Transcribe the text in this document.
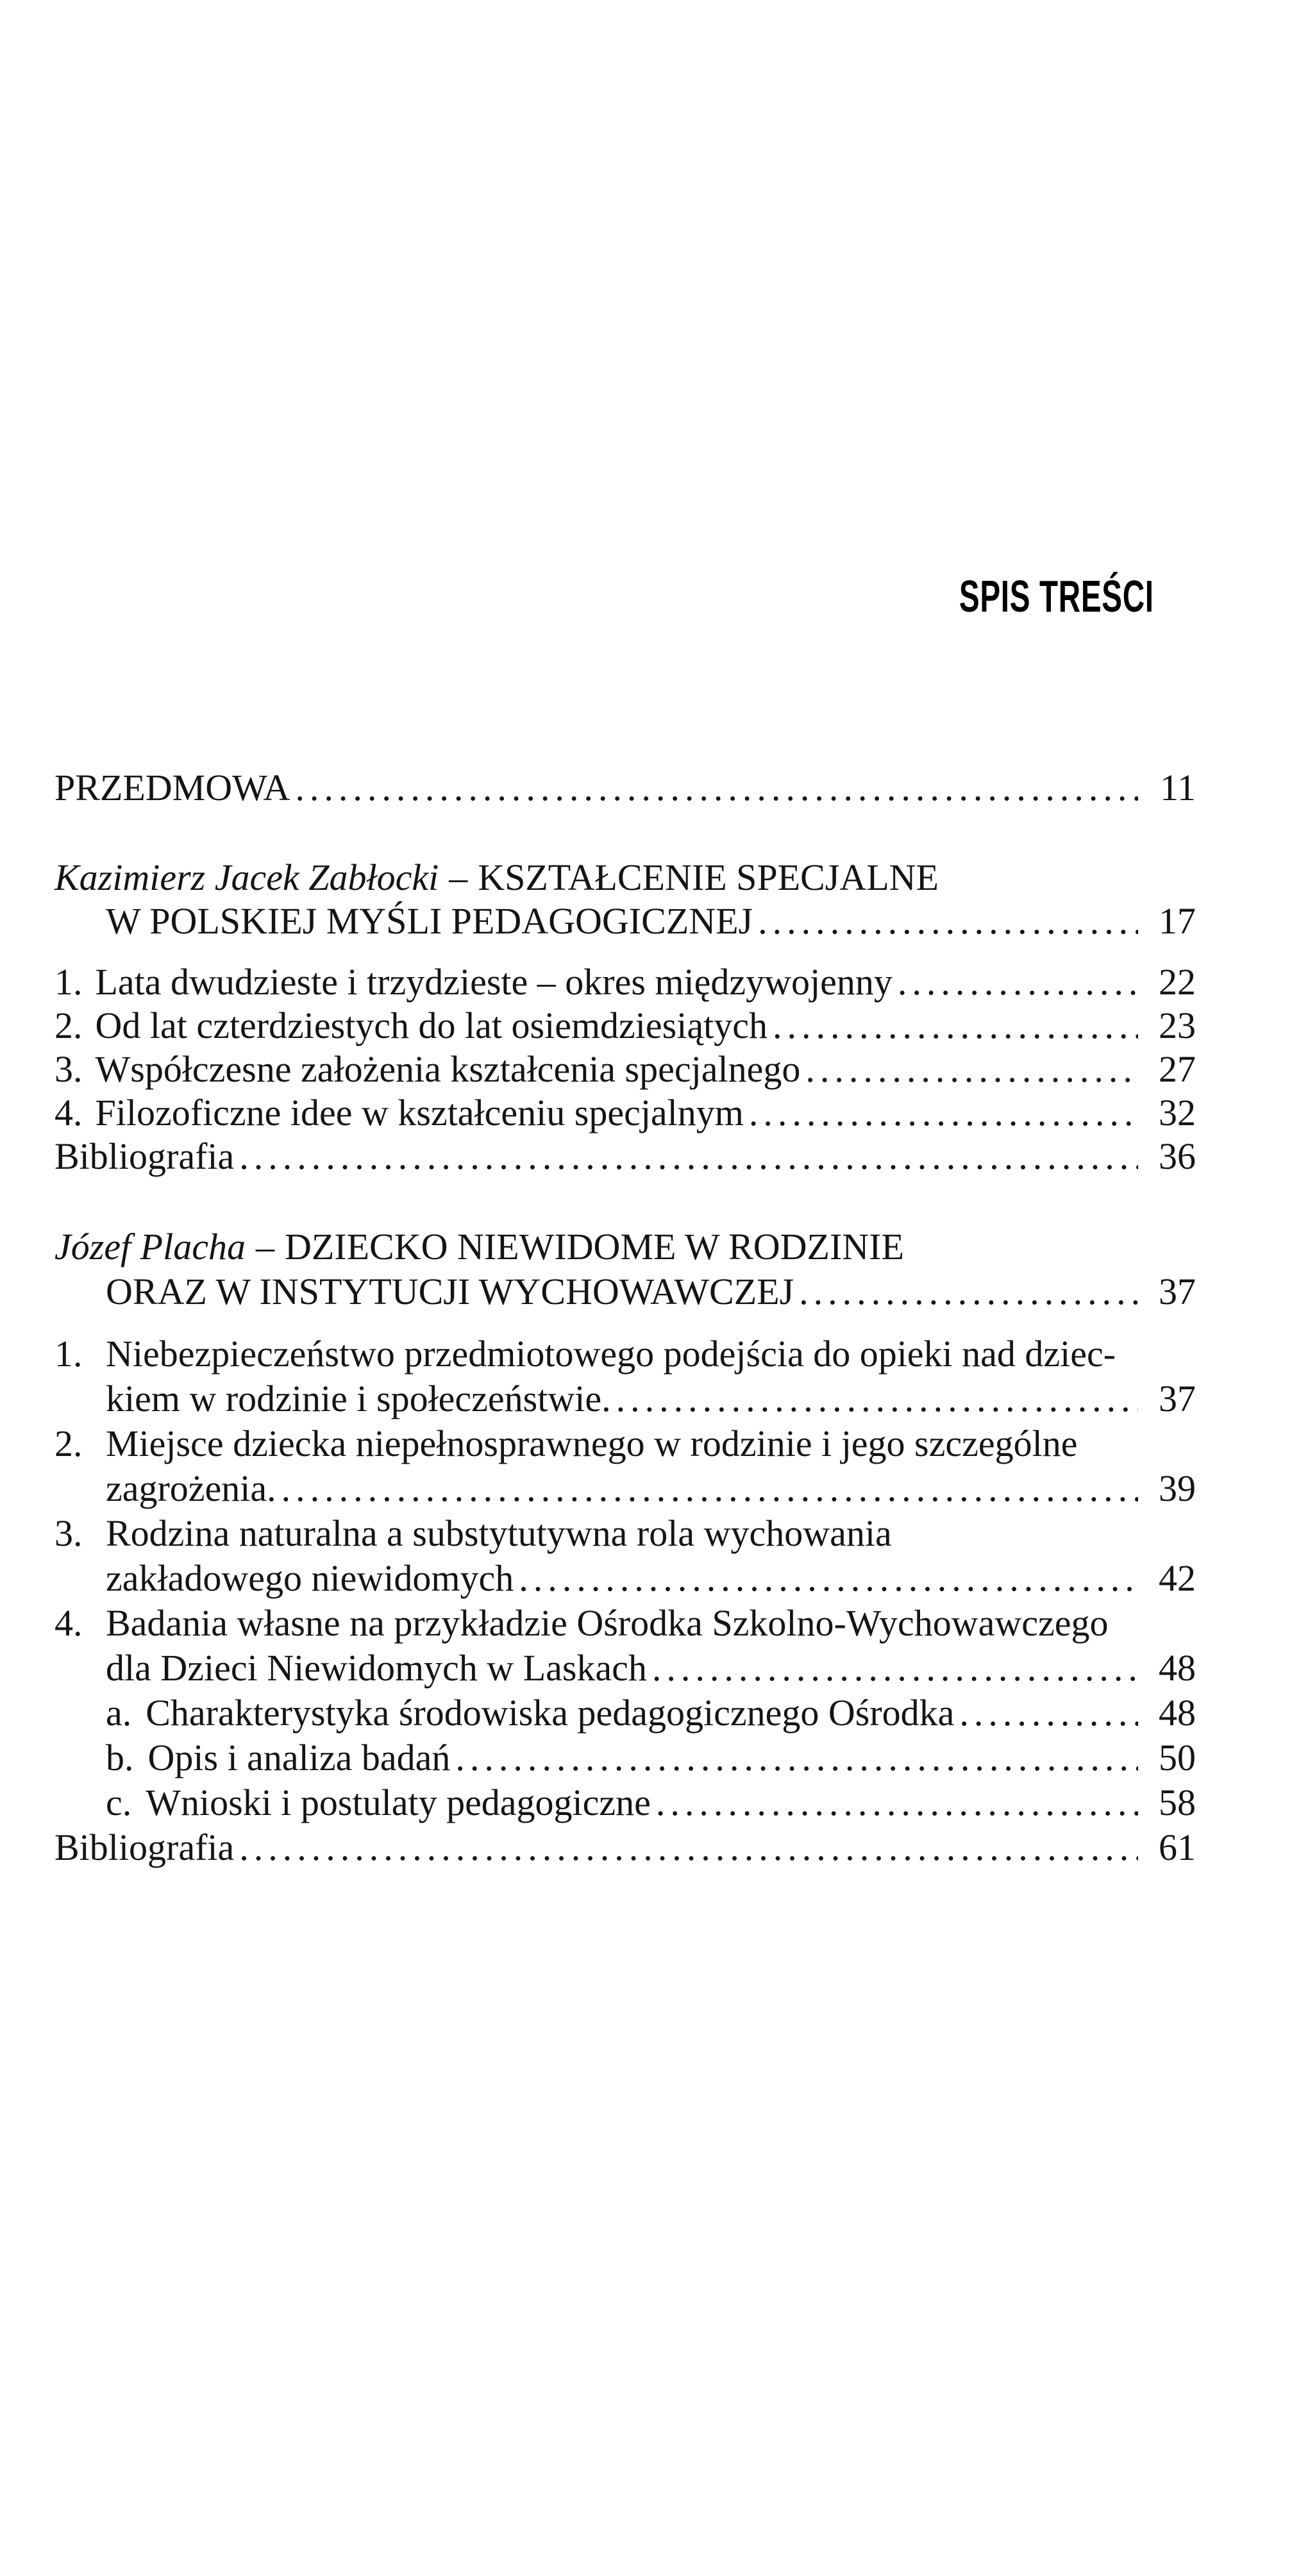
SPIS TREŚCI
PRZEDMOWA .....	11
Kazimierz Jacek Zabłocki – KSZTAŁCENIE SPECJALNE
W POLSKIEJ MYŚLI PEDAGOGICZNEJ .....	17
1. Lata dwudzieste i trzydzieste – okres międzywojenny .....	22
2. Od lat czterdziestych do lat osiemdziesiątych .....	23
3. Współczesne założenia kształcenia specjalnego .....	27
4. Filozoficzne idee w kształceniu specjalnym .....	32
Bibliografia .....	36
Józef Placha – DZIECKO NIEWIDOME W RODZINIE
ORAZ W INSTYTUCJI WYCHOWAWCZEJ .....	37
1. Niebezpieczeństwo przedmiotowego podejścia do opieki nad dziec-
kiem w rodzinie i społeczeństwie. .....	37
2. Miejsce dziecka niepełnosprawnego w rodzinie i jego szczególne
zagrożenia. .....	39
3. Rodzina naturalna a substytutywna rola wychowania
zakładowego niewidomych .....	42
4. Badania własne na przykładzie Ośrodka Szkolno-Wychowawczego
dla Dzieci Niewidomych w Laskach .....	48
a. Charakterystyka środowiska pedagogicznego Ośrodka .....	48
b. Opis i analiza badań .....	50
c. Wnioski i postulaty pedagogiczne .....	58
Bibliografia .....	61
